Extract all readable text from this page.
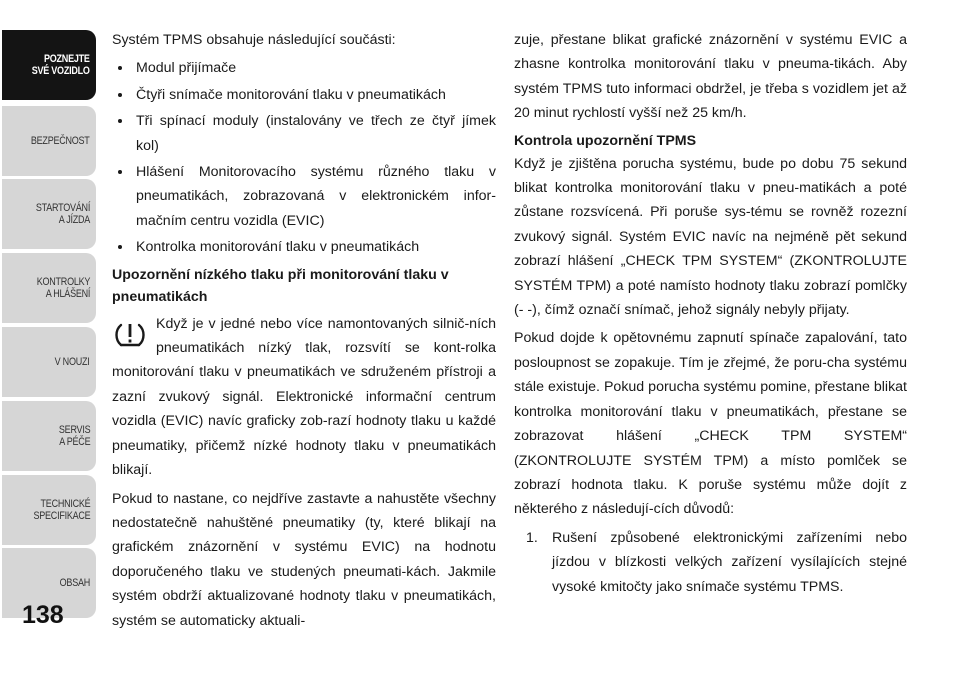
POZNEJTE
SVÉ VOZIDLO
BEZPEČNOST
STARTOVÁNÍ
A JÍZDA
KONTROLKY
A HLÁŠENÍ
V NOUZI
SERVIS
A PÉČE
TECHNICKÉ
SPECIFIKACE
OBSAH
138

Systém TPMS obsahuje následující součásti:

Modul přijímače
Čtyři snímače monitorování tlaku v pneumatikách
Tři spínací moduly (instalovány ve třech ze čtyř jímek kol)
Hlášení Monitorovacího systému různého tlaku v pneumatikách, zobrazovaná v elektronickém infor-mačním centru vozidla (EVIC)
Kontrolka monitorování tlaku v pneumatikách
Upozornění nízkého tlaku při monitorování tlaku v pneumatikách

Když je v jedné nebo více namontovaných silnič-ních pneumatikách nízký tlak, rozsvítí se kont-rolka monitorování tlaku v pneumatikách ve sdruženém přístroji a zazní zvukový signál. Elektronické informační centrum vozidla (EVIC) navíc graficky zob-razí hodnoty tlaku u každé pneumatiky, přičemž nízké hodnoty tlaku v pneumatikách blikají.

Pokud to nastane, co nejdříve zastavte a nahustěte všechny nedostatečně nahuštěné pneumatiky (ty, které blikají na grafickém znázornění v systému EVIC) na hodnotu doporučeného tlaku ve studených pneumati-kách. Jakmile systém obdrží aktualizované hodnoty tlaku v pneumatikách, systém se automaticky aktuali-

zuje, přestane blikat grafické znázornění v systému EVIC a zhasne kontrolka monitorování tlaku v pneuma-tikách. Aby systém TPMS tuto informaci obdržel, je třeba s vozidlem jet až 20 minut rychlostí vyšší než 25 km/h.

Kontrola upozornění TPMS

Když je zjištěna porucha systému, bude po dobu 75 sekund blikat kontrolka monitorování tlaku v pneu-matikách a poté zůstane rozsvícená. Při poruše sys-tému se rovněž rozezní zvukový signál. Systém EVIC navíc na nejméně pět sekund zobrazí hlášení „CHECK TPM SYSTEM“ (ZKONTROLUJTE SYSTÉM TPM) a poté namísto hodnoty tlaku zobrazí pomlčky (- -), čímž označí snímač, jehož signály nebyly přijaty.

Pokud dojde k opětovnému zapnutí spínače zapalování, tato posloupnost se zopakuje. Tím je zřejmé, že poru-cha systému stále existuje. Pokud porucha systému pomine, přestane blikat kontrolka monitorování tlaku v pneumatikách, přestane se zobrazovat hlášení „CHECK TPM SYSTEM“ (ZKONTROLUJTE SYSTÉM TPM) a místo pomlček se zobrazí hodnota tlaku. K poruše systému může dojít z některého z následují-cích důvodů:

1. Rušení způsobené elektronickými zařízeními nebo jízdou v blízkosti velkých zařízení vysílajících stejné vysoké kmitočty jako snímače systému TPMS.
